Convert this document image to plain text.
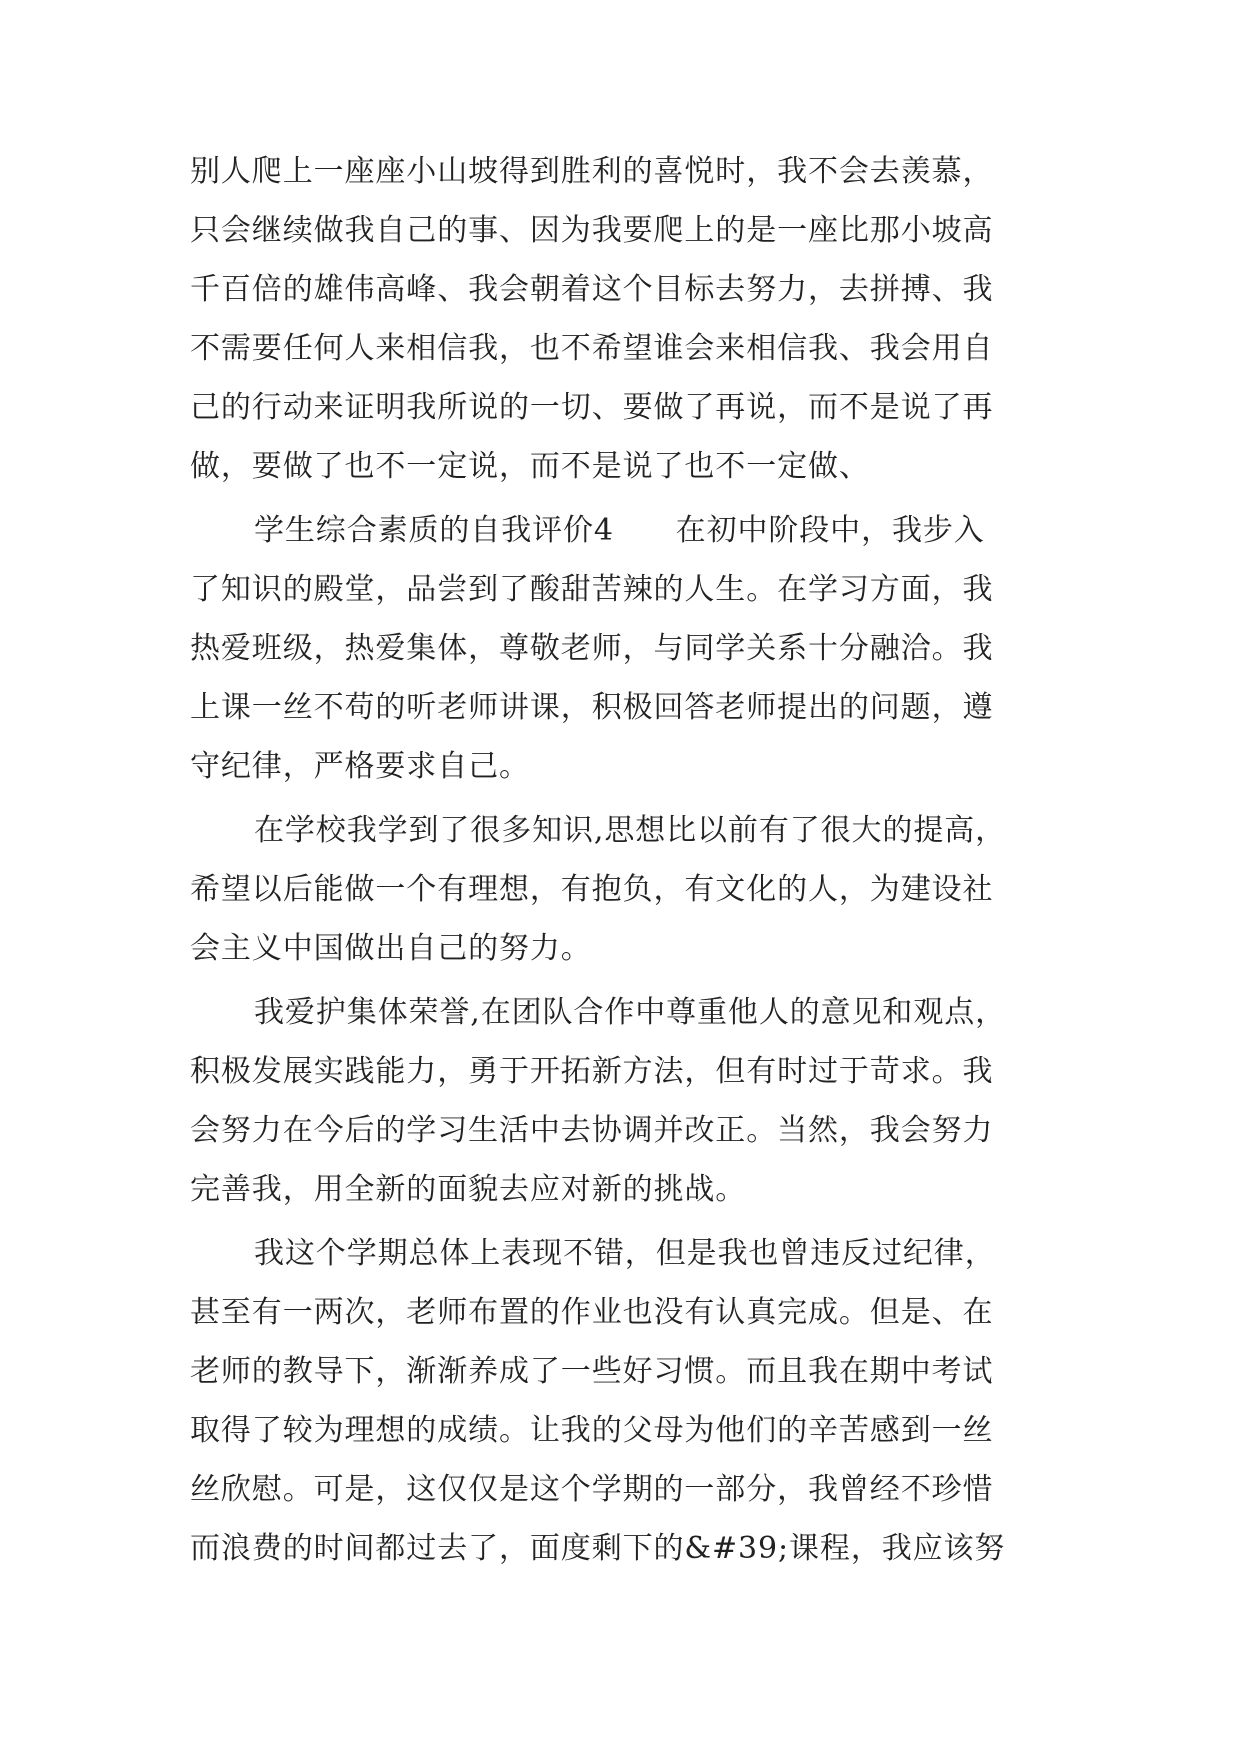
别人爬上一座座小山坡得到胜利的喜悦时，我不会去羡慕，
只会继续做我自己的事、因为我要爬上的是一座比那小坡高
千百倍的雄伟高峰、我会朝着这个目标去努力，去拼搏、我
不需要任何人来相信我，也不希望谁会来相信我、我会用自
己的行动来证明我所说的一切、要做了再说，而不是说了再
做，要做了也不一定说，而不是说了也不一定做、
学生综合素质的自我评价4　　在初中阶段中，我步入
了知识的殿堂，品尝到了酸甜苦辣的人生。在学习方面，我
热爱班级，热爱集体，尊敬老师，与同学关系十分融洽。我
上课一丝不苟的听老师讲课，积极回答老师提出的问题，遵
守纪律，严格要求自己。
在学校我学到了很多知识,思想比以前有了很大的提高，
希望以后能做一个有理想，有抱负，有文化的人，为建设社
会主义中国做出自己的努力。
我爱护集体荣誉,在团队合作中尊重他人的意见和观点，
积极发展实践能力，勇于开拓新方法，但有时过于苛求。我
会努力在今后的学习生活中去协调并改正。当然，我会努力
完善我，用全新的面貌去应对新的挑战。
我这个学期总体上表现不错，但是我也曾违反过纪律，
甚至有一两次，老师布置的作业也没有认真完成。但是、在
老师的教导下，渐渐养成了一些好习惯。而且我在期中考试
取得了较为理想的成绩。让我的父母为他们的辛苦感到一丝
丝欣慰。可是，这仅仅是这个学期的一部分，我曾经不珍惜
而浪费的时间都过去了，面度剩下的&#39;课程，我应该努
